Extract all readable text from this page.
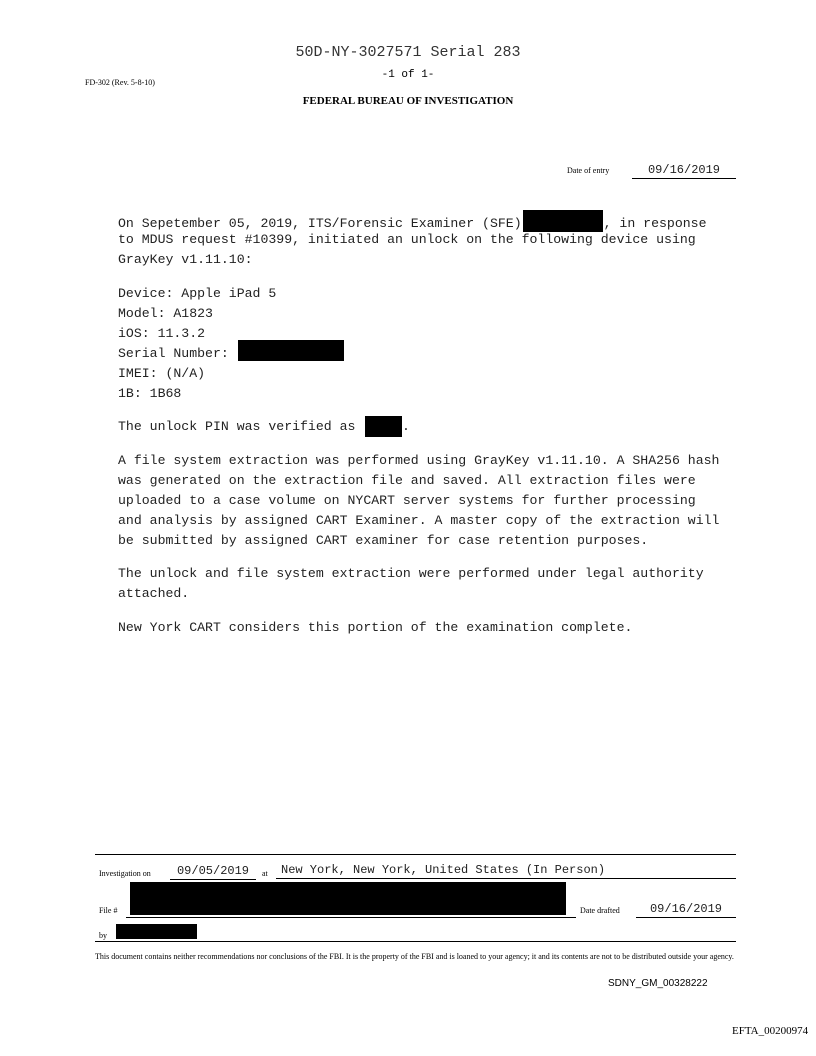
50D-NY-3027571 Serial 283
-1 of 1-
FD-302 (Rev. 5-8-10)
FEDERAL BUREAU OF INVESTIGATION
Date of entry	09/16/2019
On Sepetember 05, 2019, ITS/Forensic Examiner (SFE)	, in response
to MDUS request #10399, initiated an unlock on the following device using
GrayKey v1.11.10:
Device: Apple iPad 5
Model: A1823
iOS: 11.3.2
Serial Number:
IMEI: (N/A)
1B: 1B68
The unlock PIN was verified as	.
A file system extraction was performed using GrayKey v1.11.10. A SHA256 hash
was generated on the extraction file and saved. All extraction files were
uploaded to a case volume on NYCART server systems for further processing
and analysis by assigned CART Examiner. A master copy of the extraction will
be submitted by assigned CART examiner for case retention purposes.
The unlock and file system extraction were performed under legal authority
attached.
New York CART considers this portion of the examination complete.
Investigation on	09/05/2019	at	New York, New York, United States (In Person)
File #	Date drafted	09/16/2019
by
This document contains neither recommendations nor conclusions of the FBI. It is the property of the FBI and is loaned to your agency; it and its contents are not to be distributed outside your agency.
SDNY_GM_00328222
EFTA_00200974
